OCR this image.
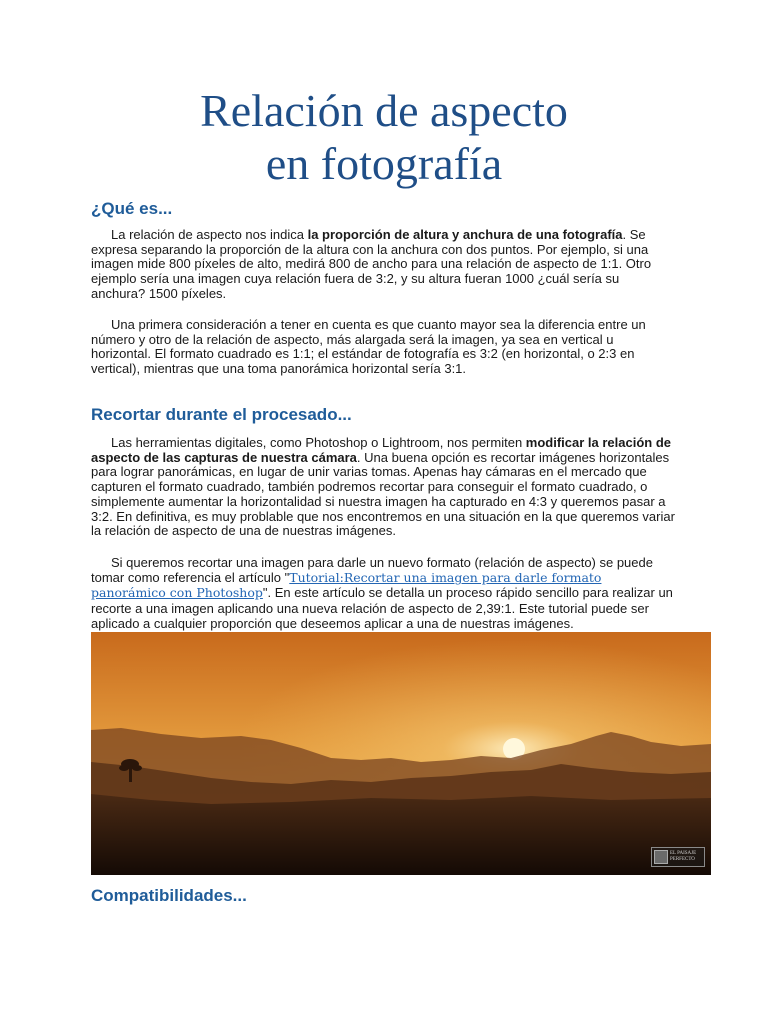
Relación de aspecto
en fotografía
¿Qué es...

La relación de aspecto nos indica la proporción de altura y anchura de una fotografía. Se expresa separando la proporción de la altura con la anchura con dos puntos. Por ejemplo, si una imagen mide 800 píxeles de alto, medirá 800 de ancho para una relación de aspecto de 1:1. Otro ejemplo sería una imagen cuya relación fuera de 3:2, y su altura fueran 1000 ¿cuál sería su anchura? 1500 píxeles.

Una primera consideración a tener en cuenta es que cuanto mayor sea la diferencia entre un número y otro de la relación de aspecto, más alargada será la imagen, ya sea en vertical u horizontal. El formato cuadrado es 1:1; el estándar de fotografía es 3:2 (en horizontal, o 2:3 en vertical), mientras que una toma panorámica horizontal sería 3:1.

Recortar durante el procesado...

Las herramientas digitales, como Photoshop o Lightroom, nos permiten modificar la relación de aspecto de las capturas de nuestra cámara. Una buena opción es recortar imágenes horizontales para lograr panorámicas, en lugar de unir varias tomas. Apenas hay cámaras en el mercado que capturen el formato cuadrado, también podremos recortar para conseguir el formato cuadrado, o simplemente aumentar la horizontalidad si nuestra imagen ha capturado en 4:3 y queremos pasar a 3:2. En definitiva, es muy problable que nos encontremos en una situación en la que queremos variar la relación de aspecto de una de nuestras imágenes.

Si queremos recortar una imagen para darle un nuevo formato (relación de aspecto) se puede tomar como referencia el artículo "Tutorial:Recortar una imagen para darle formato panorámico con Photoshop". En este artículo se detalla un proceso rápido sencillo para realizar un recorte a una imagen aplicando una nueva relación de aspecto de 2,39:1. Este tutorial puede ser aplicado a cualquier proporción que deseemos aplicar a una de nuestras imágenes.

EL PAISAJE
PERFECTO
Compatibilidades...
